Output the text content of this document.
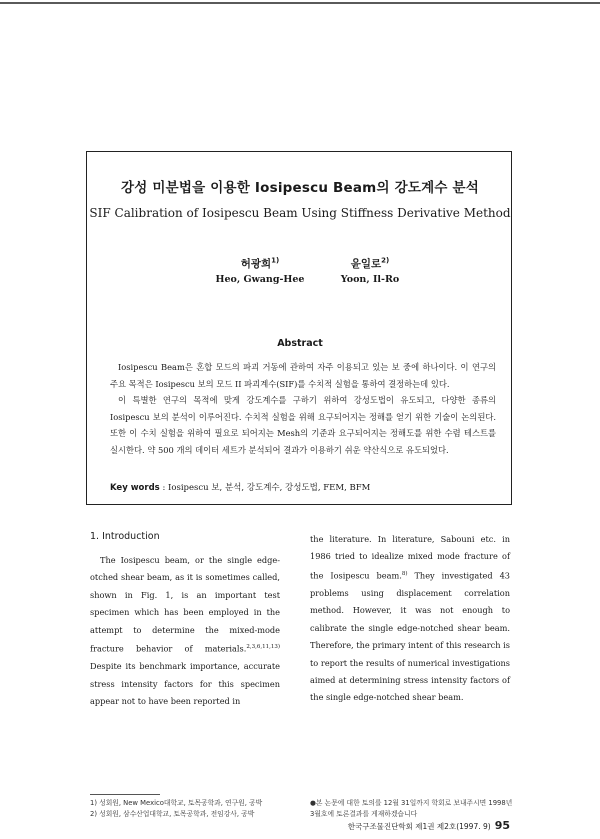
강성 미분법을 이용한 Iosipescu Beam의 강도계수 분석
SIF Calibration of Iosipescu Beam Using Stiffness Derivative Method
허광희$^{1)}$
Heo, Gwang-Hee
윤일로$^{2)}$
Yoon, Il-Ro
Abstract

Iosipescu Beam은 혼합 모드의 파괴 거동에 관하여 자주 이용되고 있는 보 중에 하나이다. 이 연구의 주요 목적은 Iosipescu 보의 모드 II 파괴계수(SIF)를 수치적 실험을 통하여 결정하는데 있다.

이 특별한 연구의 목적에 맞게 강도계수를 구하기 위하여 강성도법이 유도되고, 다양한 종류의 Iosipescu 보의 분석이 이루어진다. 수치적 실험을 위해 요구되어지는 정해를 얻기 위한 기술이 논의된다. 또한 이 수치 실험을 위하여 필요로 되어지는 Mesh의 기준과 요구되어지는 정해도를 위한 수렴 테스트를 실시한다. 약 500 개의 데이터 세트가 분석되어 결과가 이용하기 쉬운 약산식으로 유도되었다.

Key words : Iosipescu 보, 분석, 강도계수, 강성도법, FEM, BFM
1. Introduction

The Iosipescu beam, or the single edge-otched shear beam, as it is sometimes called, shown in Fig. 1, is an important test specimen which has been employed in the attempt to determine the mixed-mode fracture behavior of materials.$^{2,3,6,11,13)}$ Despite its benchmark importance, accurate stress intensity factors for this specimen appear not to have been reported in

the literature. In literature, Sabouni etc. in 1986 tried to idealize mixed mode fracture of the Iosipescu beam.$^{8)}$ They investigated 43 problems using displacement correlation method. However, it was not enough to calibrate the single edge-notched shear beam. Therefore, the primary intent of this research is to report the results of numerical investigations aimed at determining stress intensity factors of the single edge-notched shear beam.

1) 성회원, New Mexico대학교, 토목공학과, 연구원, 공박
2) 성회원, 삼수산업대학교, 토목공학과, 전임강사, 공박
●본 논문에 대한 토의를 12월 31일까지 학회로 보내주시면 1998년 3월호에 토론결과를 게재하겠습니다
한국구조물진단학회 제1권 제2호(1997. 9) 95
